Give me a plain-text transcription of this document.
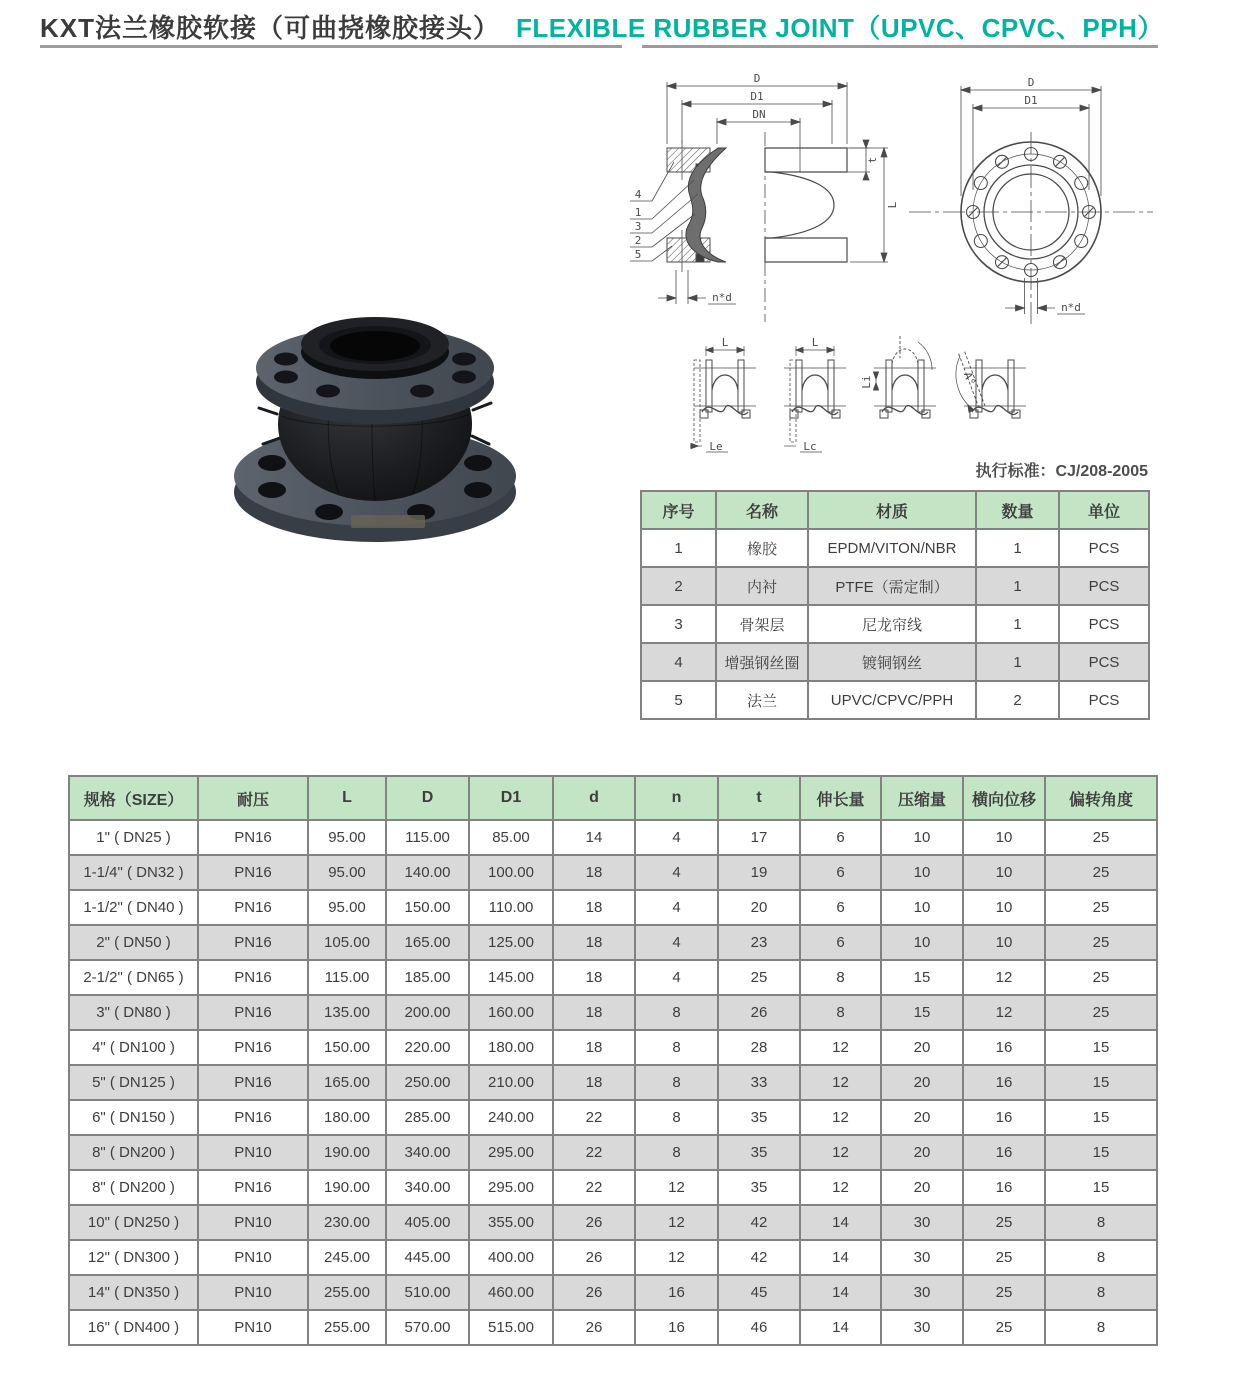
KXT法兰橡胶软接（可曲挠橡胶接头） FLEXIBLE RUBBER JOINT（UPVC、CPVC、PPH）
D
D1
DN
t
L
n*d
4
1
3
2
5
D
D1
n*d
L
Le
L
Lc
Li	A°
执行标准：CJ/208-2005
序号	名称	材质	数量	单位
1	橡胶	EPDM/VITON/NBR	1	PCS
2	内衬	PTFE（需定制）	1	PCS
3	骨架层	尼龙帘线	1	PCS
4	增强钢丝圈	镀铜钢丝	1	PCS
5	法兰	UPVC/CPVC/PPH	2	PCS
规格（SIZE）	耐压	L	D	D1	d	n	t	伸长量	压缩量	横向位移	偏转角度
1" ( DN25 )	PN16	95.00	115.00	85.00	14	4	17	6	10	10	25
1-1/4" ( DN32 )	PN16	95.00	140.00	100.00	18	4	19	6	10	10	25
1-1/2" ( DN40 )	PN16	95.00	150.00	110.00	18	4	20	6	10	10	25
2" ( DN50 )	PN16	105.00	165.00	125.00	18	4	23	6	10	10	25
2-1/2" ( DN65 )	PN16	115.00	185.00	145.00	18	4	25	8	15	12	25
3" ( DN80 )	PN16	135.00	200.00	160.00	18	8	26	8	15	12	25
4" ( DN100 )	PN16	150.00	220.00	180.00	18	8	28	12	20	16	15
5" ( DN125 )	PN16	165.00	250.00	210.00	18	8	33	12	20	16	15
6" ( DN150 )	PN16	180.00	285.00	240.00	22	8	35	12	20	16	15
8" ( DN200 )	PN10	190.00	340.00	295.00	22	8	35	12	20	16	15
8" ( DN200 )	PN16	190.00	340.00	295.00	22	12	35	12	20	16	15
10" ( DN250 )	PN10	230.00	405.00	355.00	26	12	42	14	30	25	8
12" ( DN300 )	PN10	245.00	445.00	400.00	26	12	42	14	30	25	8
14" ( DN350 )	PN10	255.00	510.00	460.00	26	16	45	14	30	25	8
16" ( DN400 )	PN10	255.00	570.00	515.00	26	16	46	14	30	25	8
